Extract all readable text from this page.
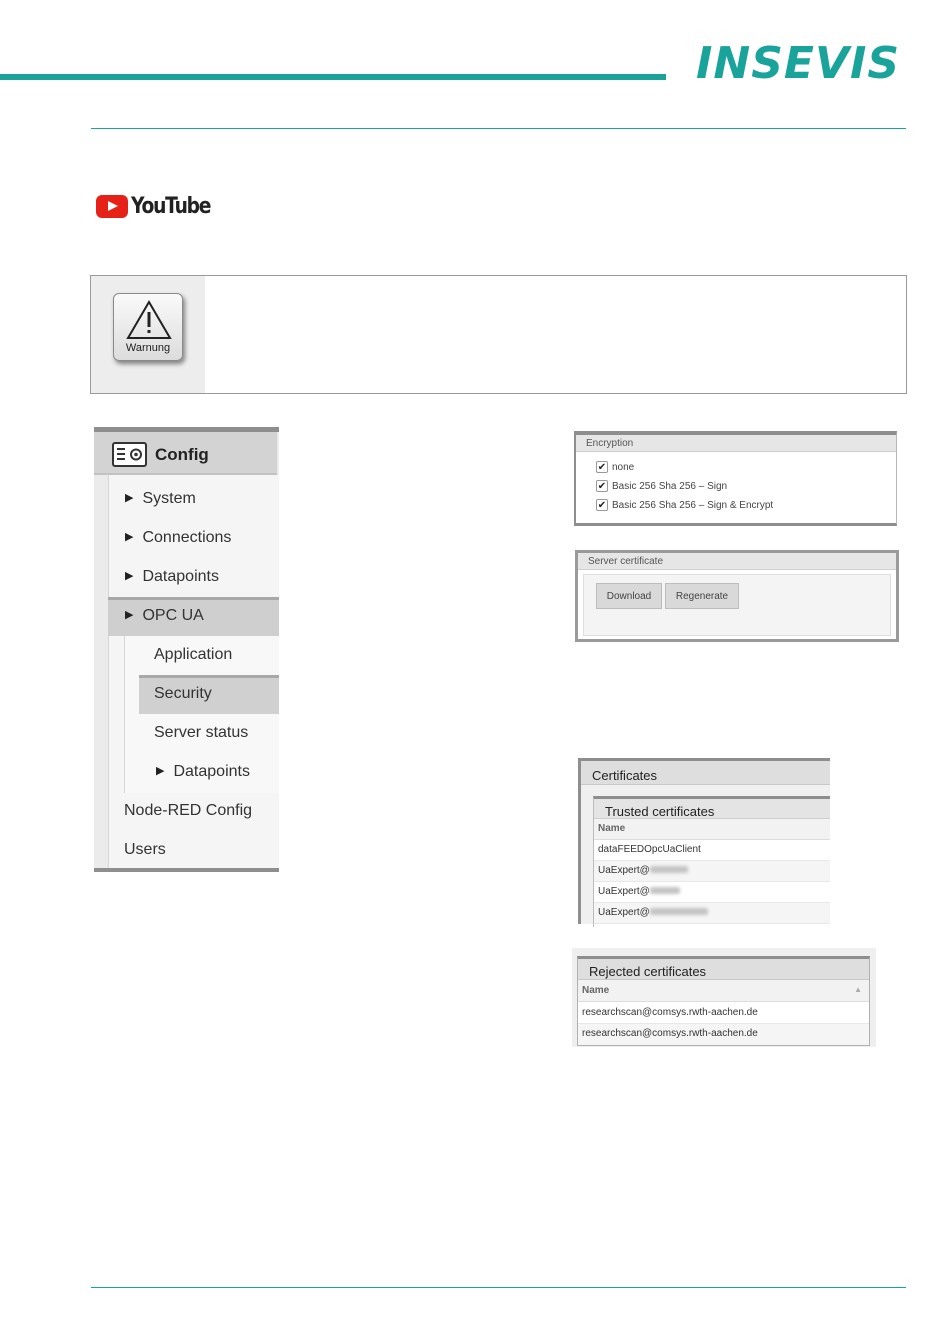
INSEVIS
YouTube
Warnung
Config
▶ System
▶ Connections
▶ Datapoints
▶ OPC UA
Application
Security
Server status
▶ Datapoints
Node-RED Config
Users
Encryption
✔ none
✔ Basic 256 Sha 256 – Sign
✔ Basic 256 Sha 256 – Sign & Encrypt
Server certificate
Download	Regenerate
Certificates
Trusted certificates
Name
dataFEEDOpcUaClient
UaExpert@
UaExpert@
UaExpert@
Rejected certificates
Name	▲
researchscan@comsys.rwth-aachen.de
researchscan@comsys.rwth-aachen.de
